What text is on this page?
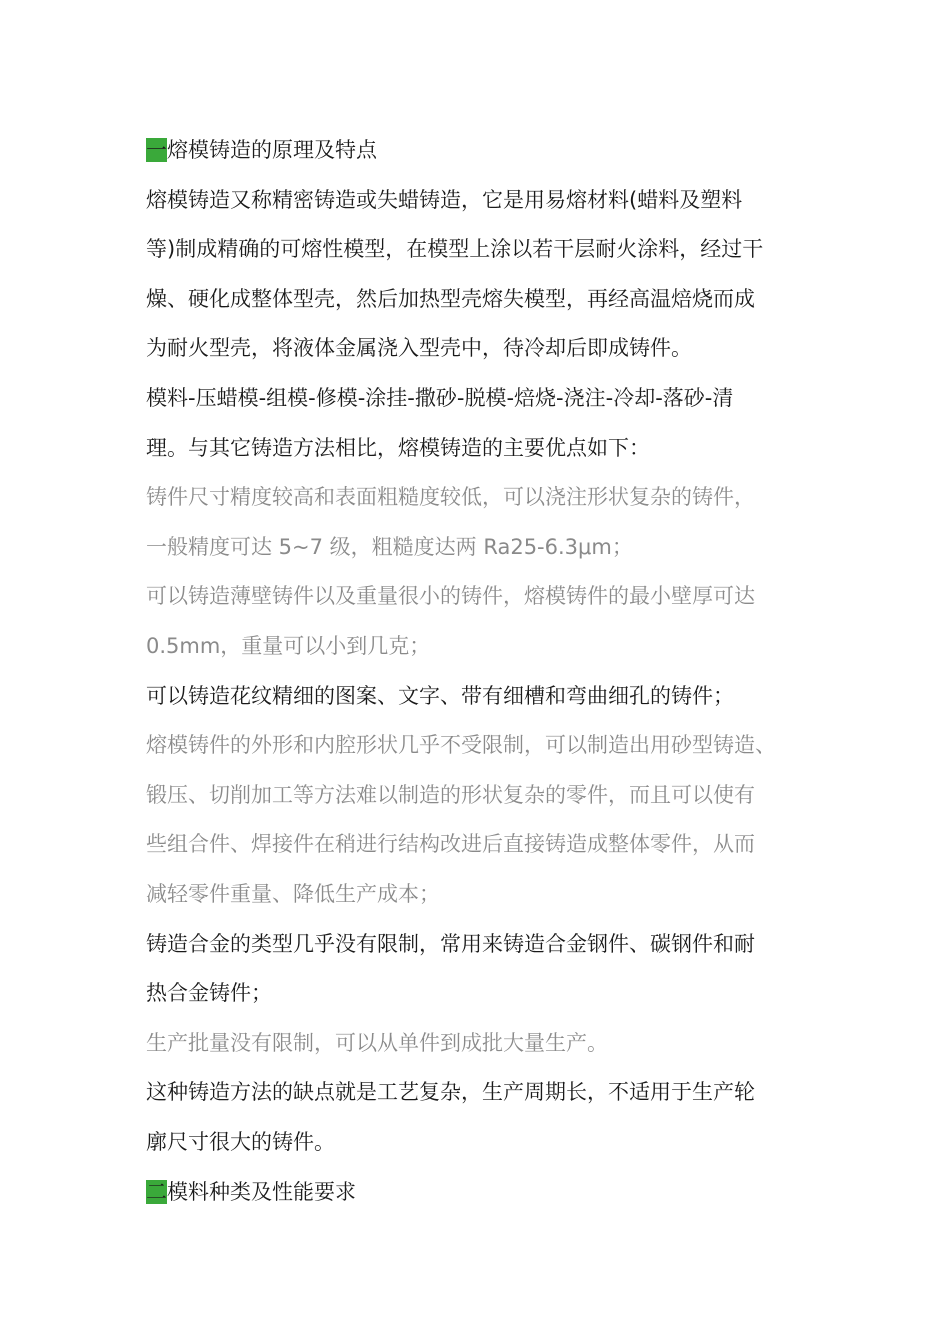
一熔模铸造的原理及特点
熔模铸造又称精密铸造或失蜡铸造，它是用易熔材料(蜡料及塑料
等)制成精确的可熔性模型，在模型上涂以若干层耐火涂料，经过干
燥、硬化成整体型壳，然后加热型壳熔失模型，再经高温焙烧而成
为耐火型壳，将液体金属浇入型壳中，待冷却后即成铸件。
模料-压蜡模-组模-修模-涂挂-撒砂-脱模-焙烧-浇注-冷却-落砂-清
理。与其它铸造方法相比，熔模铸造的主要优点如下：
铸件尺寸精度较高和表面粗糙度较低，可以浇注形状复杂的铸件，
一般精度可达 5~7 级，粗糙度达两 Ra25-6.3μm；
可以铸造薄壁铸件以及重量很小的铸件，熔模铸件的最小壁厚可达
0.5mm，重量可以小到几克；
可以铸造花纹精细的图案、文字、带有细槽和弯曲细孔的铸件；
熔模铸件的外形和内腔形状几乎不受限制，可以制造出用砂型铸造、
锻压、切削加工等方法难以制造的形状复杂的零件，而且可以使有
些组合件、焊接件在稍进行结构改进后直接铸造成整体零件，从而
减轻零件重量、降低生产成本；
铸造合金的类型几乎没有限制，常用来铸造合金钢件、碳钢件和耐
热合金铸件；
生产批量没有限制，可以从单件到成批大量生产。
这种铸造方法的缺点就是工艺复杂，生产周期长，不适用于生产轮
廓尺寸很大的铸件。
二模料种类及性能要求
